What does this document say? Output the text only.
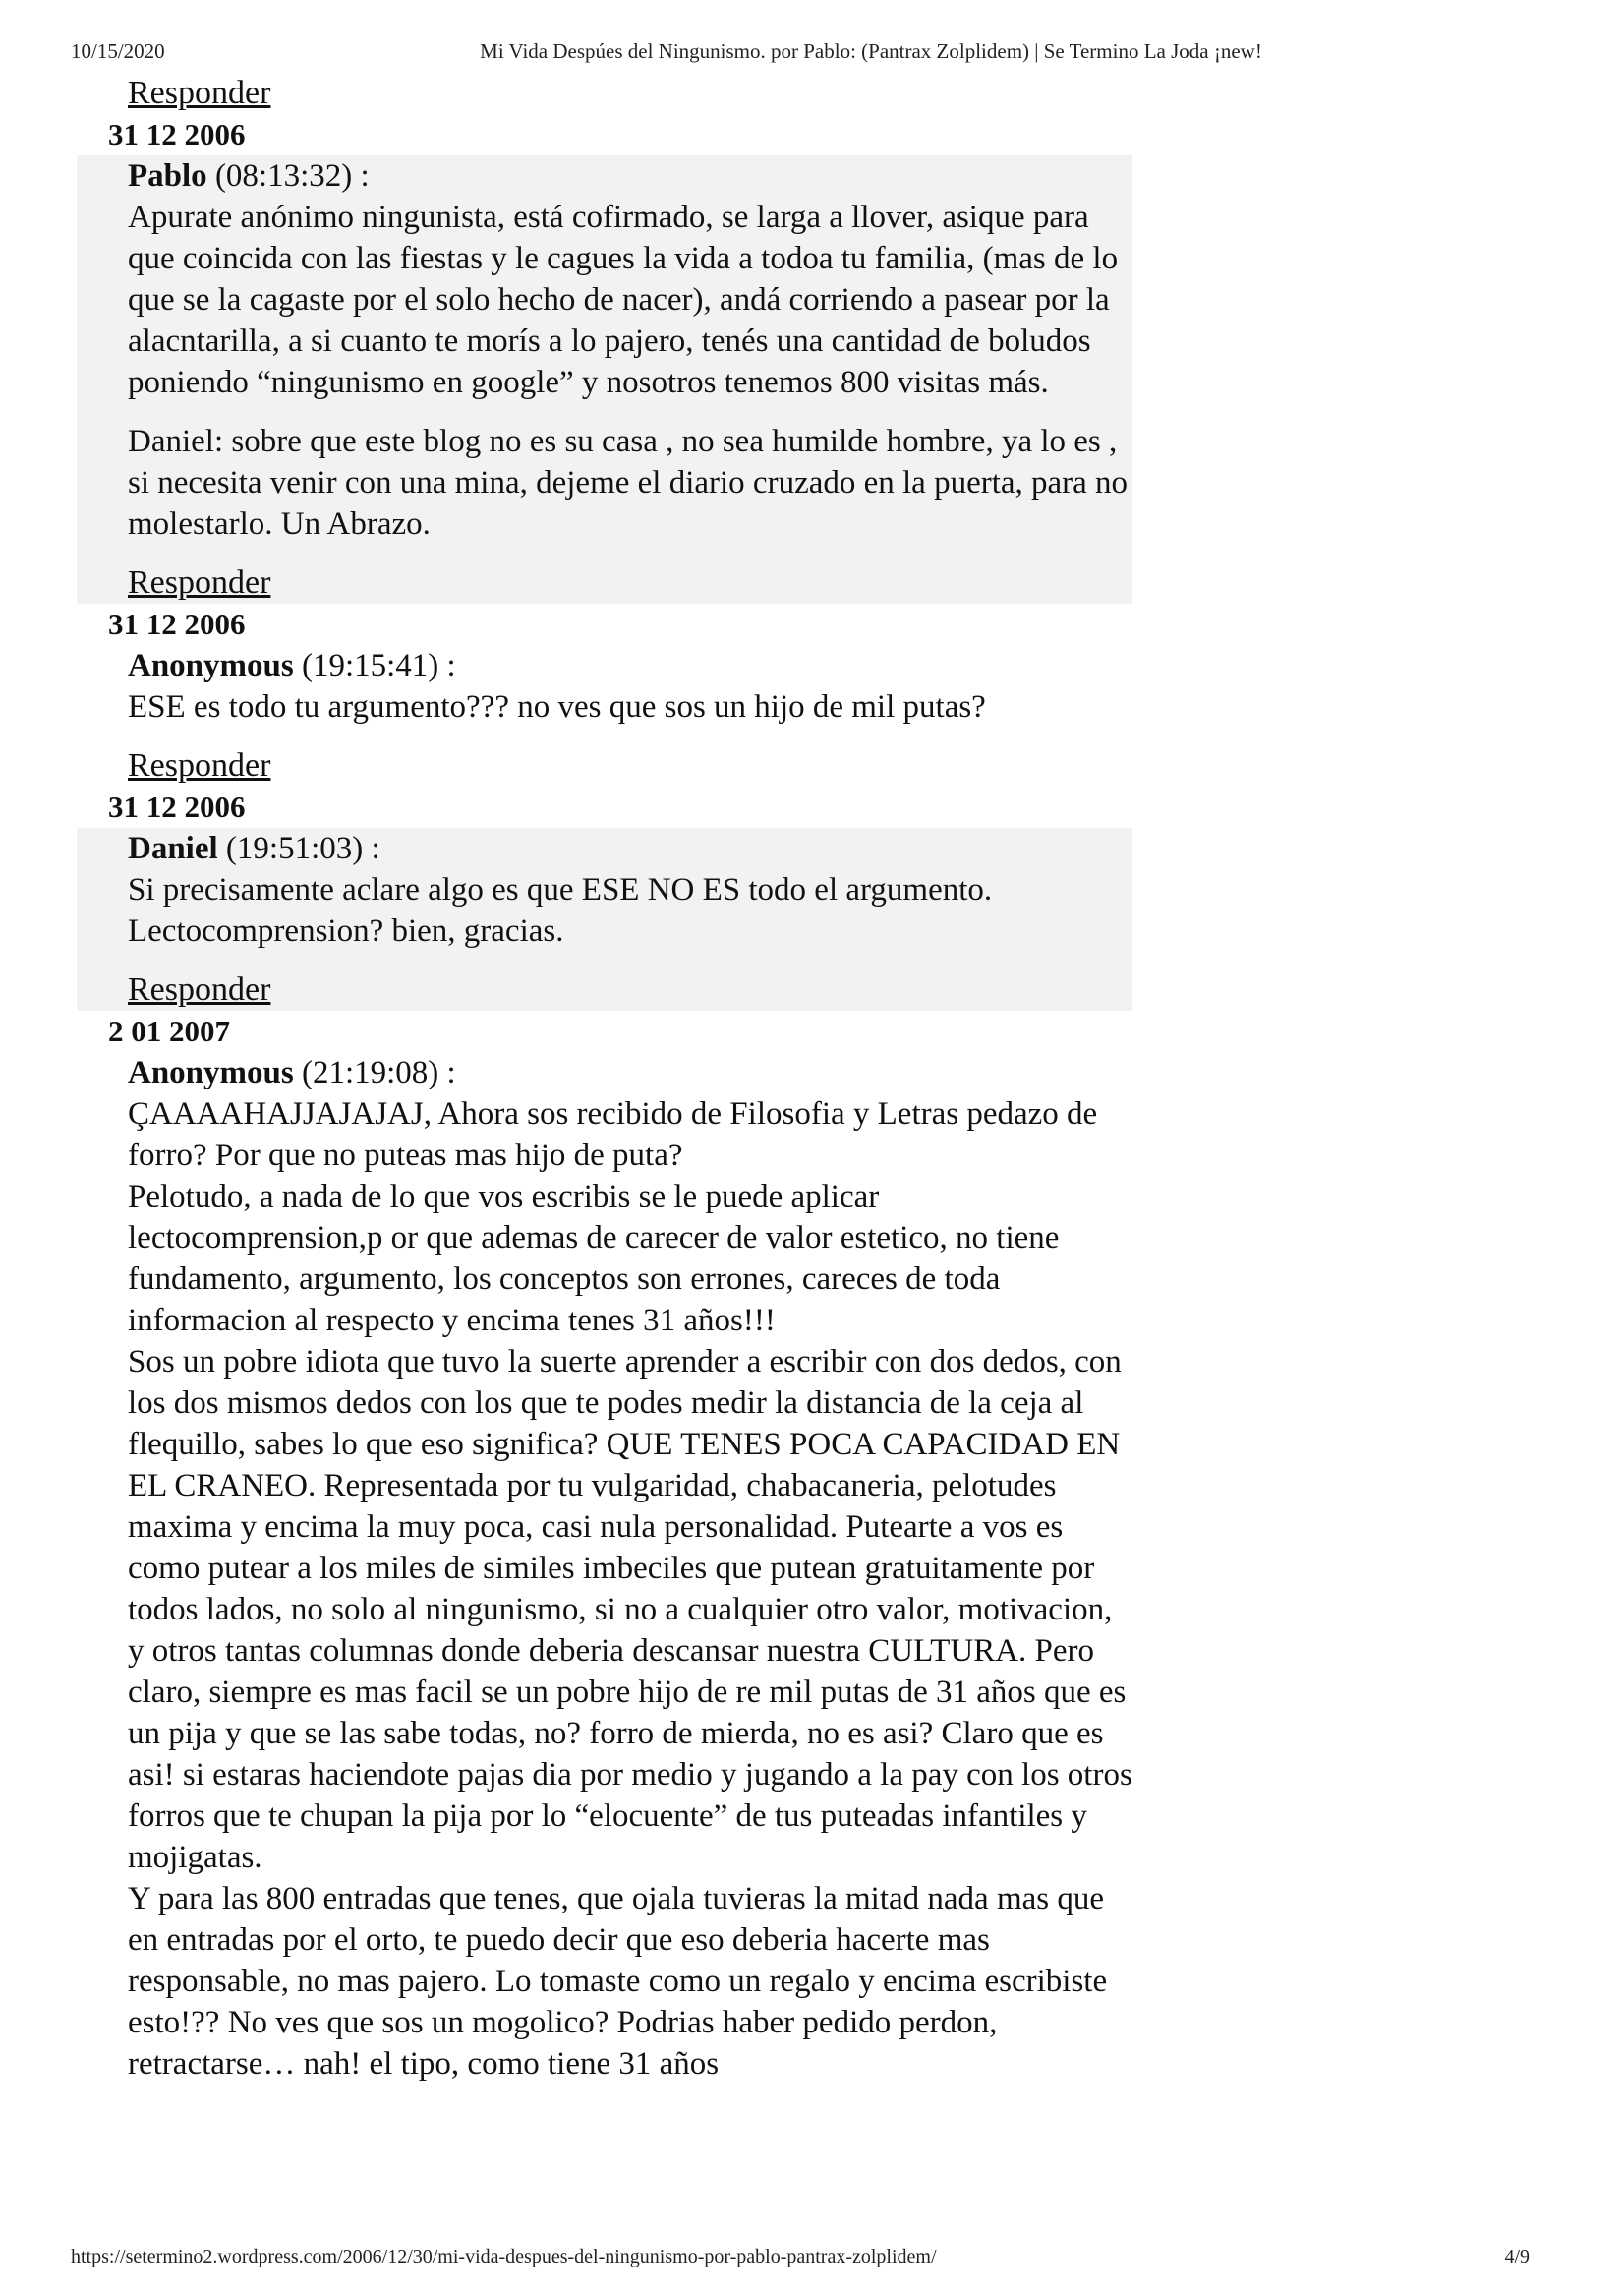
10/15/2020	Mi Vida Despúes del Ningunismo. por Pablo: (Pantrax Zolplidem) | Se Termino La Joda ¡new!
Responder
31 12 2006
Pablo (08:13:32) :

Apurate anónimo ningunista, está cofirmado, se larga a llover, asique para que coincida con las fiestas y le cagues la vida a todoa tu familia, (mas de lo que se la cagaste por el solo hecho de nacer), andá corriendo a pasear por la alacntarilla, a si cuanto te morís a lo pajero, tenés una cantidad de boludos poniendo “ningunismo en google” y nosotros tenemos 800 visitas más.

Daniel: sobre que este blog no es su casa , no sea humilde hombre, ya lo es , si necesita venir con una mina, dejeme el diario cruzado en la puerta, para no molestarlo. Un Abrazo.

Responder
31 12 2006
Anonymous (19:15:41) :

ESE es todo tu argumento??? no ves que sos un hijo de mil putas?

Responder
31 12 2006
Daniel (19:51:03) :

Si precisamente aclare algo es que ESE NO ES todo el argumento. Lectocomprension? bien, gracias.

Responder
2 01 2007
Anonymous (21:19:08) :
ÇAAAAHAJJAJAJAJ, Ahora sos recibido de Filosofia y Letras pedazo de forro? Por que no puteas mas hijo de puta?
Pelotudo, a nada de lo que vos escribis se le puede aplicar lectocomprension,p or que ademas de carecer de valor estetico, no tiene fundamento, argumento, los conceptos son errones, careces de toda informacion al respecto y encima tenes 31 años!!!
Sos un pobre idiota que tuvo la suerte aprender a escribir con dos dedos, con los dos mismos dedos con los que te podes medir la distancia de la ceja al flequillo, sabes lo que eso significa? QUE TENES POCA CAPACIDAD EN EL CRANEO. Representada por tu vulgaridad, chabacaneria, pelotudes maxima y encima la muy poca, casi nula personalidad. Putearte a vos es como putear a los miles de similes imbeciles que putean gratuitamente por todos lados, no solo al ningunismo, si no a cualquier otro valor, motivacion, y otros tantas columnas donde deberia descansar nuestra CULTURA. Pero claro, siempre es mas facil se un pobre hijo de re mil putas de 31 años que es un pija y que se las sabe todas, no? forro de mierda, no es asi? Claro que es asi! si estaras haciendote pajas dia por medio y jugando a la pay con los otros forros que te chupan la pija por lo “elocuente” de tus puteadas infantiles y mojigatas.
Y para las 800 entradas que tenes, que ojala tuvieras la mitad nada mas que en entradas por el orto, te puedo decir que eso deberia hacerte mas responsable, no mas pajero. Lo tomaste como un regalo y encima escribiste esto!?? No ves que sos un mogolico? Podrias haber pedido perdon, retractarse… nah! el tipo, como tiene 31 años
https://setermino2.wordpress.com/2006/12/30/mi-vida-despues-del-ningunismo-por-pablo-pantrax-zolplidem/	4/9
